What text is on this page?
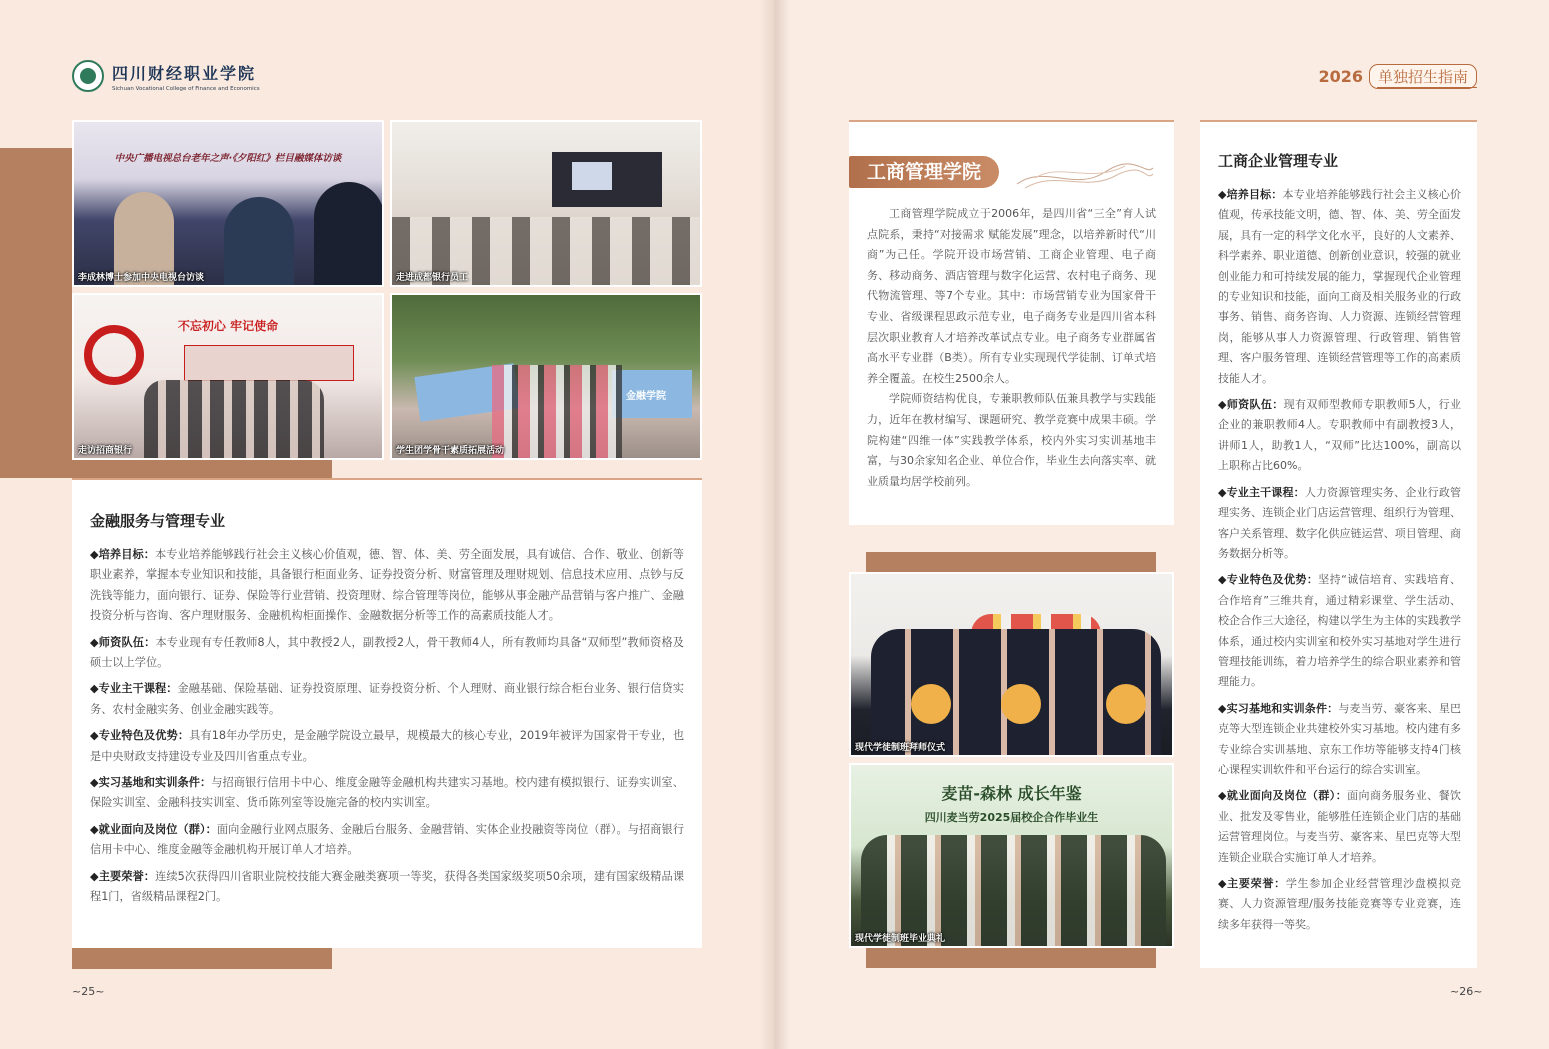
四川财经职业学院
Sichuan Vocational College of Finance and Economics
2026	单独招生指南
中央广播电视总台老年之声·《夕阳红》栏目融媒体访谈
李成林博士参加中央电视台访谈	走进成都银行员工
不忘初心 牢记使命
走访招商银行
金融学院
学生团学骨干素质拓展活动
金融服务与管理专业

◆培养目标：本专业培养能够践行社会主义核心价值观，德、智、体、美、劳全面发展，具有诚信、合作、敬业、创新等职业素养，掌握本专业知识和技能，具备银行柜面业务、证券投资分析、财富管理及理财规划、信息技术应用、点钞与反洗钱等能力，面向银行、证券、保险等行业营销、投资理财、综合管理等岗位，能够从事金融产品营销与客户推广、金融投资分析与咨询、客户理财服务、金融机构柜面操作、金融数据分析等工作的高素质技能人才。

◆师资队伍：本专业现有专任教师8人，其中教授2人，副教授2人，骨干教师4人，所有教师均具备“双师型”教师资格及硕士以上学位。

◆专业主干课程：金融基础、保险基础、证券投资原理、证券投资分析、个人理财、商业银行综合柜台业务、银行信贷实务、农村金融实务、创业金融实践等。

◆专业特色及优势：具有18年办学历史，是金融学院设立最早，规模最大的核心专业，2019年被评为国家骨干专业，也是中央财政支持建设专业及四川省重点专业。

◆实习基地和实训条件：与招商银行信用卡中心、维度金融等金融机构共建实习基地。校内建有模拟银行、证券实训室、保险实训室、金融科技实训室、货币陈列室等设施完备的校内实训室。

◆就业面向及岗位（群）：面向金融行业网点服务、金融后台服务、金融营销、实体企业投融资等岗位（群）。与招商银行信用卡中心、维度金融等金融机构开展订单人才培养。

◆主要荣誉：连续5次获得四川省职业院校技能大赛金融类赛项一等奖，获得各类国家级奖项50余项，建有国家级精品课程1门，省级精品课程2门。

工商管理学院成立于2006年，是四川省“三全”育人试点院系，秉持“对接需求 赋能发展”理念，以培养新时代“川商”为己任。学院开设市场营销、工商企业管理、电子商务、移动商务、酒店管理与数字化运营、农村电子商务、现代物流管理、等7个专业。其中：市场营销专业为国家骨干专业、省级课程思政示范专业，电子商务专业是四川省本科层次职业教育人才培养改革试点专业。电子商务专业群属省高水平专业群（B类）。所有专业实现现代学徒制、订单式培养全覆盖。在校生2500余人。

学院师资结构优良，专兼职教师队伍兼具教学与实践能力，近年在教材编写、课题研究、教学竞赛中成果丰硕。学院构建“四维一体”实践教学体系，校内外实习实训基地丰富，与30余家知名企业、单位合作，毕业生去向落实率、就业质量均居学校前列。

工商管理学院
现代学徒制班拜师仪式
麦苗-森林 成长年鉴
四川麦当劳2025届校企合作毕业生
现代学徒制班毕业典礼
工商企业管理专业

◆培养目标：本专业培养能够践行社会主义核心价值观，传承技能文明，德、智、体、美、劳全面发展，具有一定的科学文化水平，良好的人文素养、科学素养、职业道德、创新创业意识，较强的就业创业能力和可持续发展的能力，掌握现代企业管理的专业知识和技能，面向工商及相关服务业的行政事务、销售、商务咨询、人力资源、连锁经营管理岗，能够从事人力资源管理、行政管理、销售管理、客户服务管理、连锁经营管理等工作的高素质技能人才。

◆师资队伍：现有双师型教师专职教师5人，行业企业的兼职教师4人。专职教师中有副教授3人，讲师1人，助教1人，“双师”比达100%，副高以上职称占比60%。

◆专业主干课程：人力资源管理实务、企业行政管理实务、连锁企业门店运营管理、组织行为管理、客户关系管理、数字化供应链运营、项目管理、商务数据分析等。

◆专业特色及优势：坚持“诚信培育、实践培育、合作培育”三维共育，通过精彩课堂、学生活动、校企合作三大途径，构建以学生为主体的实践教学体系，通过校内实训室和校外实习基地对学生进行管理技能训练，着力培养学生的综合职业素养和管理能力。

◆实习基地和实训条件：与麦当劳、豪客来、星巴克等大型连锁企业共建校外实习基地。校内建有多专业综合实训基地、京东工作坊等能够支持4门核心课程实训软件和平台运行的综合实训室。

◆就业面向及岗位（群）：面向商务服务业、餐饮业、批发及零售业，能够胜任连锁企业门店的基础运营管理岗位。与麦当劳、豪客来、星巴克等大型连锁企业联合实施订单人才培养。

◆主要荣誉：学生参加企业经营管理沙盘模拟竞赛、人力资源管理/服务技能竞赛等专业竞赛，连续多年获得一等奖。

~25~	~26~
